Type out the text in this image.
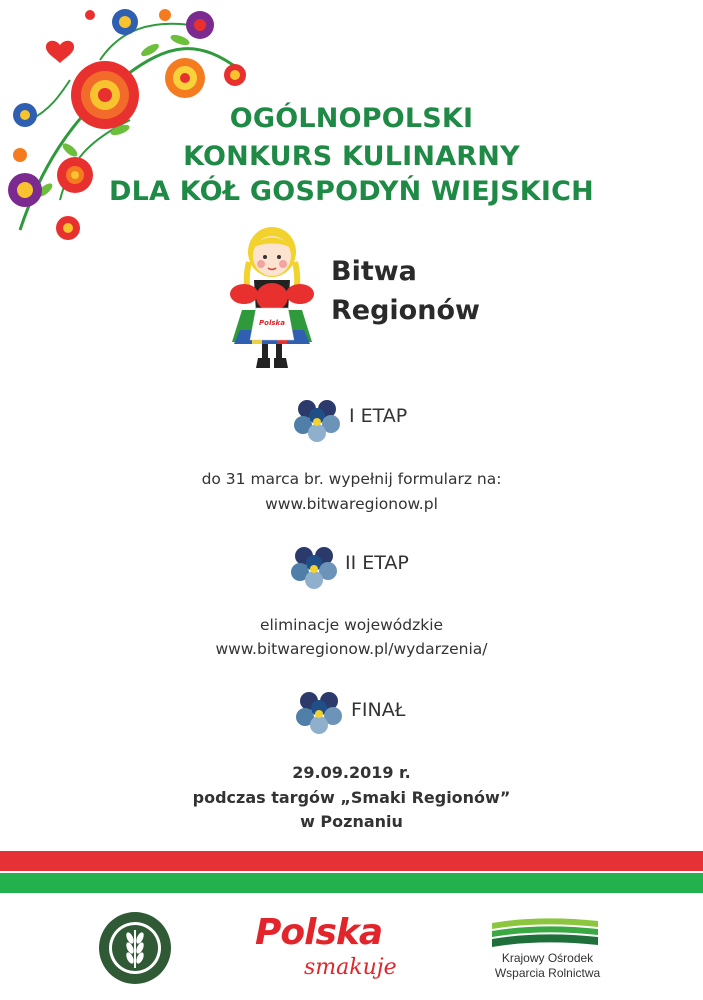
OGÓLNOPOLSKI
KONKURS KULINARNY
DLA KÓŁ GOSPODYŃ WIEJSKICH
Polska
Bitwa
Regionów
I ETAP
do 31 marca br. wypełnij formularz na:
www.bitwaregionow.pl
II ETAP
eliminacje wojewódzkie
www.bitwaregionow.pl/wydarzenia/
FINAŁ
29.09.2019 r.
podczas targów „Smaki Regionów”
w Poznaniu
Polska
smakuje	Krajowy Ośrodek
Wsparcia Rolnictwa
